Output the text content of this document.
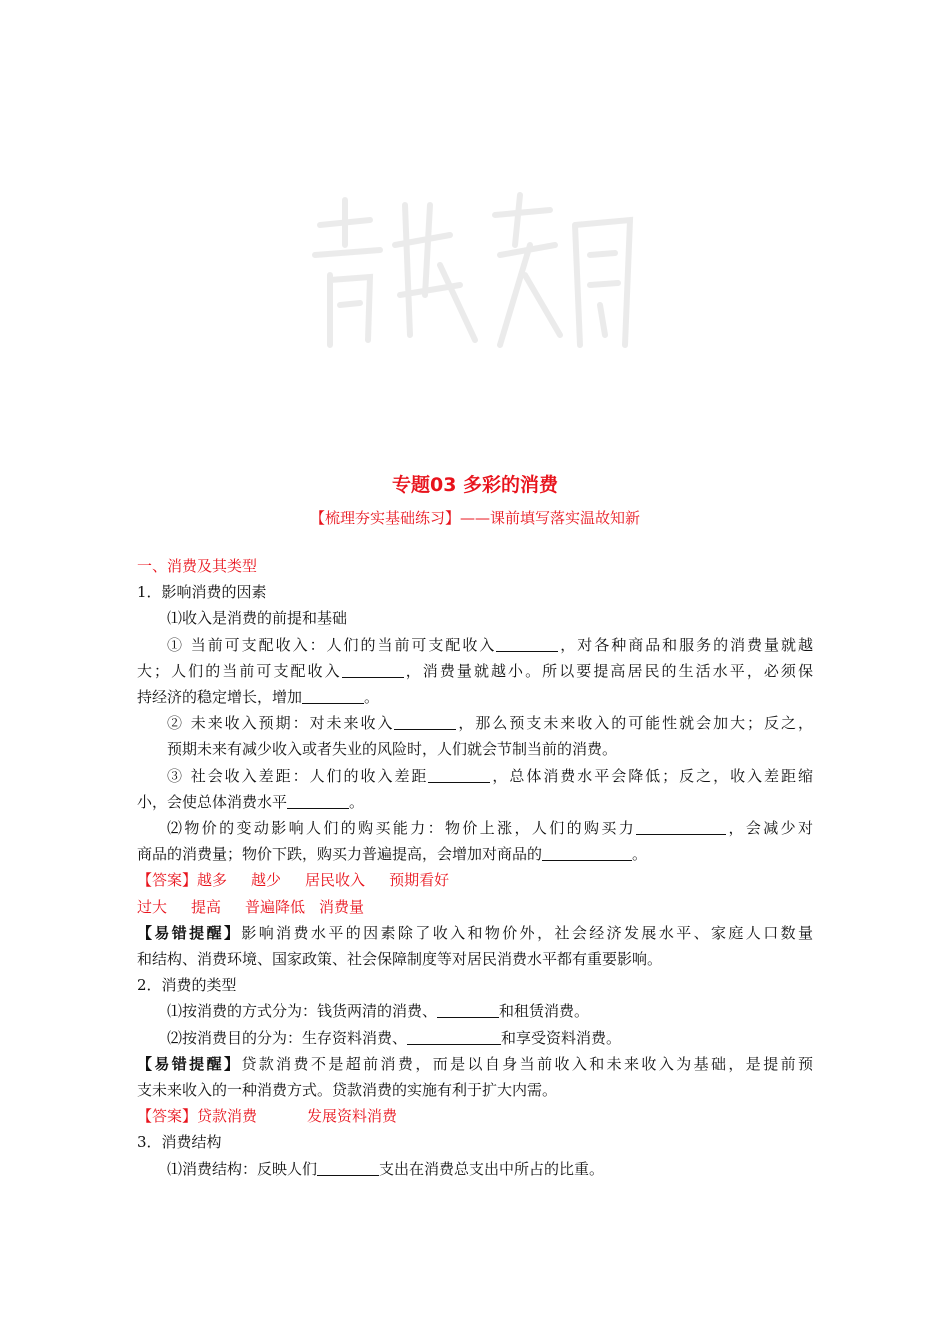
专题03 多彩的消费
【梳理夯实基础练习】——课前填写落实温故知新

一、消费及其类型

1．影响消费的因素

⑴收入是消费的前提和基础

① 当前可支配收入：人们的当前可支配收入	，对各种商品和服务的消费量就越

大；人们的当前可支配收入	，消费量就越小。所以要提高居民的生活水平，必须保

持经济的稳定增长，增加	。

② 未来收入预期：对未来收入	，那么预支未来收入的可能性就会加大；反之，

预期未来有减少收入或者失业的风险时，人们就会节制当前的消费。

③ 社会收入差距：人们的收入差距	，总体消费水平会降低；反之，收入差距缩

小，会使总体消费水平	。

⑵物价的变动影响人们的购买能力：物价上涨，人们的购买力	，会减少对

商品的消费量；物价下跌，购买力普遍提高，会增加对商品的	。

【答案】越多 越少 居民收入 预期看好

过大 提高 普遍降低 消费量

【易错提醒】影响消费水平的因素除了收入和物价外，社会经济发展水平、家庭人口数量

和结构、消费环境、国家政策、社会保障制度等对居民消费水平都有重要影响。

2．消费的类型

⑴按消费的方式分为：钱货两清的消费、	和租赁消费。

⑵按消费目的分为：生存资料消费、	和享受资料消费。

【易错提醒】贷款消费不是超前消费，而是以自身当前收入和未来收入为基础，是提前预

支未来收入的一种消费方式。贷款消费的实施有利于扩大内需。

【答案】贷款消费	发展资料消费

3．消费结构

⑴消费结构：反映人们	支出在消费总支出中所占的比重。
